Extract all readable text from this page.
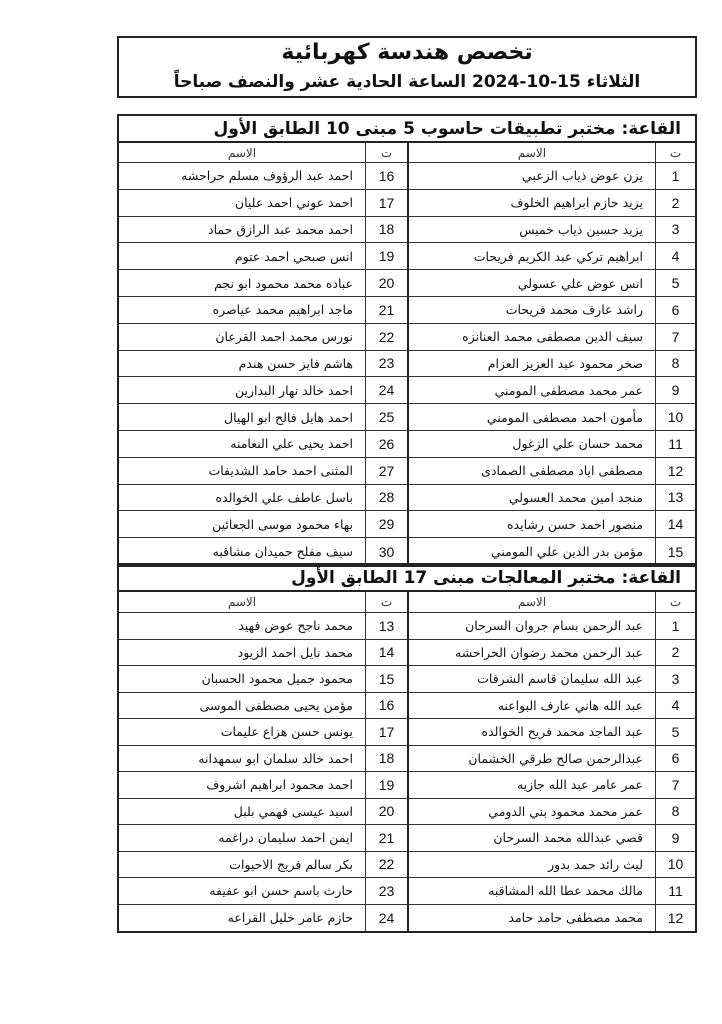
تخصص هندسة كهربائية
الثلاثاء 15-10-2024 الساعة الحادية عشر والنصف صباحاً
القاعة: مختبر تطبيقات حاسوب 5 مبنى 10 الطابق الأول
ت
1
2
3
4
5
6
7
8
9
10
11
12
13
14
15
الاسم
يزن عوض ذياب الزعبي
يزيد حازم ابراهيم الخلوف
يزيد حسين ذياب خميس
ابراهيم تركي عبد الكريم فريحات
انس عوض علي عسولي
راشد عارف محمد فريحات
سيف الدين مصطفى محمد العنانزه
صخر محمود عبد العزيز العزام
عمر محمد مصطفى المومني
مأمون احمد مصطفى المومني
محمد حسان علي الزغول
مصطفى اياد مصطفى الصمادى
منجد امين محمد العسولي
منصور احمد حسن رشايده
مؤمن بدر الدين علي المومني
ت
16
17
18
19
20
21
22
23
24
25
26
27
28
29
30
الاسم
احمد عبد الرؤوف مسلم حراحشه
احمد عوني احمد عليان
احمد محمد عبد الرازق حماد
انس صبحي احمد عتوم
عباده محمد محمود ابو نجم
ماجد ابراهيم محمد عياصره
نورس محمد احمد القرعان
هاشم فايز حسن هندم
احمد خالد نهار البدارين
احمد هايل فالح ابو الهيال
احمد يحيى علي النعامنه
المثنى احمد حامد الشديفات
باسل عاطف علي الخوالده
بهاء محمود موسى الجعائين
سيف مفلح حميدان مشاقبه
القاعة: مختبر المعالجات مبنى 17 الطابق الأول
ت
1
2
3
4
5
6
7
8
9
10
11
12
الاسم
عبد الرحمن بسام جروان السرحان
عبد الرحمن محمد رضوان الحراحشه
عبد الله سليمان قاسم الشرفات
عبد الله هاني عارف البواعنه
عبد الماجد محمد فريح الخوالده
عبدالرحمن صالح طرقي الخشمان
عمر عامر عبد الله جازيه
عمر محمد محمود بني الدومي
قصي عبدالله محمد السرحان
ليث رائد حمد بدور
مالك محمد عطا الله المشاقبه
محمد مصطفى حامد حامد
ت
13
14
15
16
17
18
19
20
21
22
23
24
الاسم
محمد ناجح عوض فهيد
محمد نايل احمد الزيود
محمود جميل محمود الحسبان
مؤمن يحيى مصطفى الموسى
يونس حسن هزاع عليمات
احمد خالد سلمان ابو سمهدانه
احمد محمود ابراهيم اشروف
اسيد عيسى فهمي بلبل
ايمن احمد سليمان دراغمه
بكر سالم فريج الاحيوات
حارث باسم حسن ابو عفيفه
حازم عامر خليل القراعه
